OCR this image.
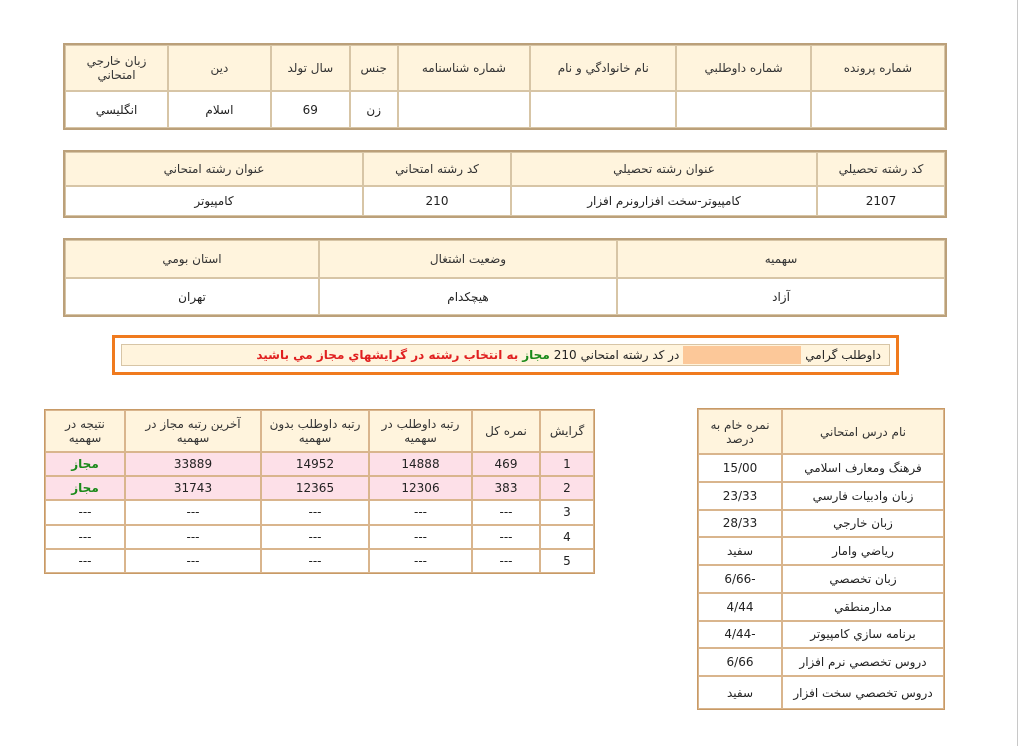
شماره پرونده	شماره داوطلبي	نام خانوادگي و نام	شماره شناسنامه	جنس	سال تولد	دين	زبان خارجي امتحاني
				زن	69	اسلام	انگليسي
كد رشته تحصيلي	عنوان رشته تحصيلي	كد رشته امتحاني	عنوان رشته امتحاني
2107	كامپيوتر-سخت افزارونرم افزار	210	كامپيوتر
سهميه	وضعيت اشتغال	استان بومي
آزاد	هيچكدام	تهران
داوطلب گرامي
در كد رشته امتحاني
210
مجاز
به انتخاب رشته در گرايشهاي
مجاز مي باشيد
گرايش	نمره كل	رتبه داوطلب در سهميه	رتبه داوطلب بدون سهميه	آخرين رتبه مجاز در سهميه	نتيجه در سهميه
1	469	14888	14952	33889	مجاز
2	383	12306	12365	31743	مجاز
3	---	---	---	---	---
4	---	---	---	---	---
5	---	---	---	---	---
نام درس امتحاني	نمره خام به درصد
فرهنگ ومعارف اسلامي	15/00
زبان وادبيات فارسي	23/33
زبان خارجي	28/33
رياضي وامار	سفيد
زبان تخصصي	-6/66
مدارمنطقي	4/44
برنامه سازي كامپيوتر	-4/44
دروس تخصصي نرم افزار	6/66
دروس تخصصي سخت افزار	سفيد
